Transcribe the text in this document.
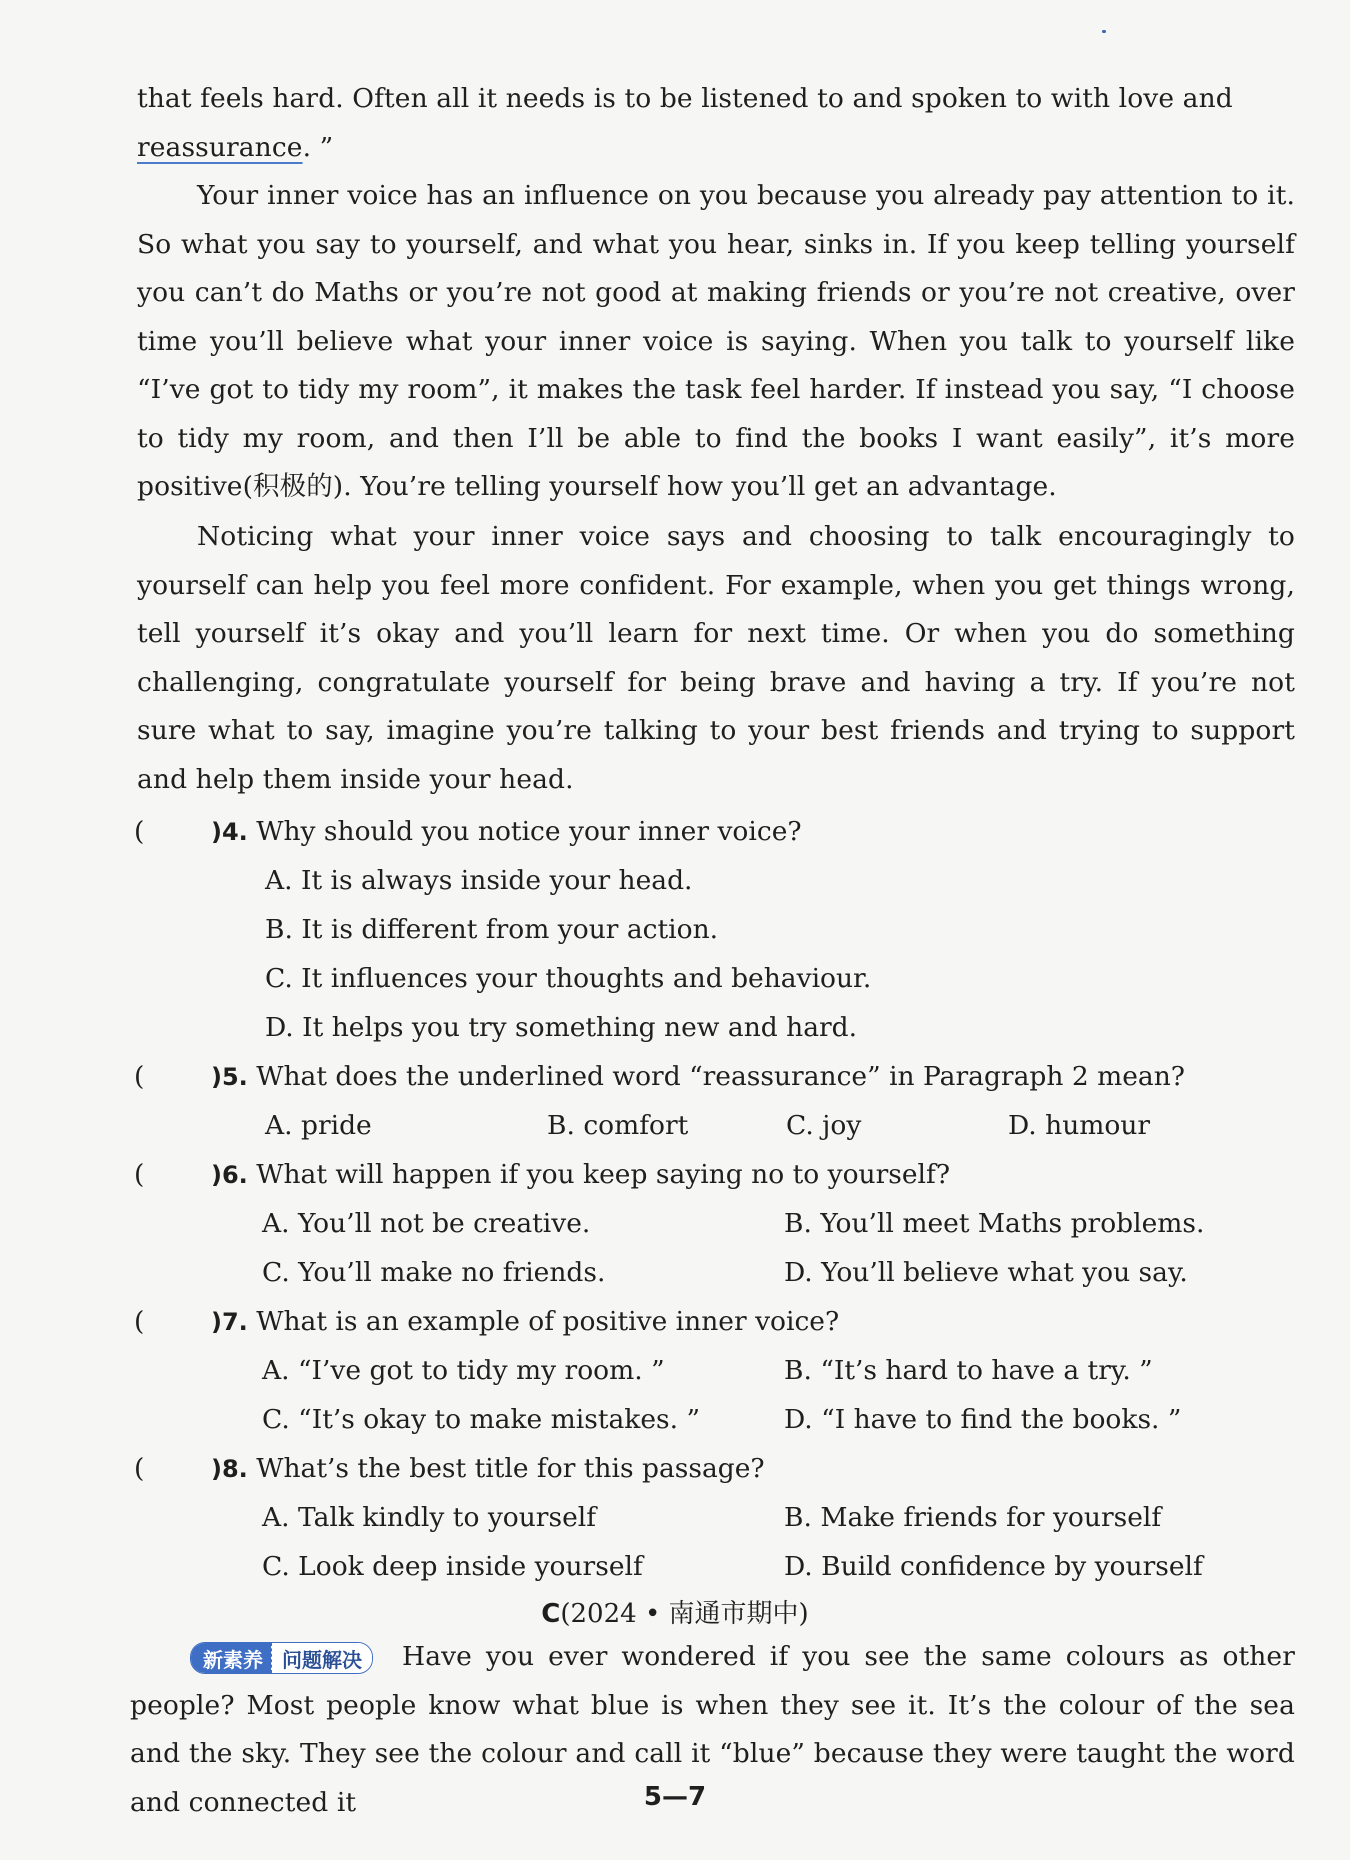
that feels hard. Often all it needs is to be listened to and spoken to with love and
reassurance. ”

Your inner voice has an influence on you because you already pay attention to it. So what you say to yourself, and what you hear, sinks in. If you keep telling yourself you can’t do Maths or you’re not good at making friends or you’re not creative, over time you’ll believe what your inner voice is saying. When you talk to yourself like “I’ve got to tidy my room”, it makes the task feel harder. If instead you say, “I choose to tidy my room, and then I’ll be able to find the books I want easily”, it’s more positive(积极的). You’re telling yourself how you’ll get an advantage.

Noticing what your inner voice says and choosing to talk encouragingly to yourself can help you feel more confident. For example, when you get things wrong, tell yourself it’s okay and you’ll learn for next time. Or when you do something challenging, congratulate yourself for being brave and having a try. If you’re not sure what to say, imagine you’re talking to your best friends and trying to support and help them inside your head.

(	)4. Why should you notice your inner voice?
A. It is always inside your head.
B. It is different from your action.
C. It influences your thoughts and behaviour.
D. It helps you try something new and hard.
(	)5. What does the underlined word “reassurance” in Paragraph 2 mean?
A. pride	B. comfort	C. joy	D. humour
(	)6. What will happen if you keep saying no to yourself?
A. You’ll not be creative.	B. You’ll meet Maths problems.
C. You’ll make no friends.	D. You’ll believe what you say.
(	)7. What is an example of positive inner voice?
A. “I’ve got to tidy my room. ”	B. “It’s hard to have a try. ”
C. “It’s okay to make mistakes. ”	D. “I have to find the books. ”
(	)8. What’s the best title for this passage?
A. Talk kindly to yourself	B. Make friends for yourself
C. Look deep inside yourself	D. Build confidence by yourself
C(2024 • 南通市期中)
新素养 问题解决	Have you ever wondered if you see the same colours as other people? Most people know what blue is when they see it. It’s the colour of the sea and the sky. They see the colour and call it “blue” because they were taught the word and connected it	5—7
